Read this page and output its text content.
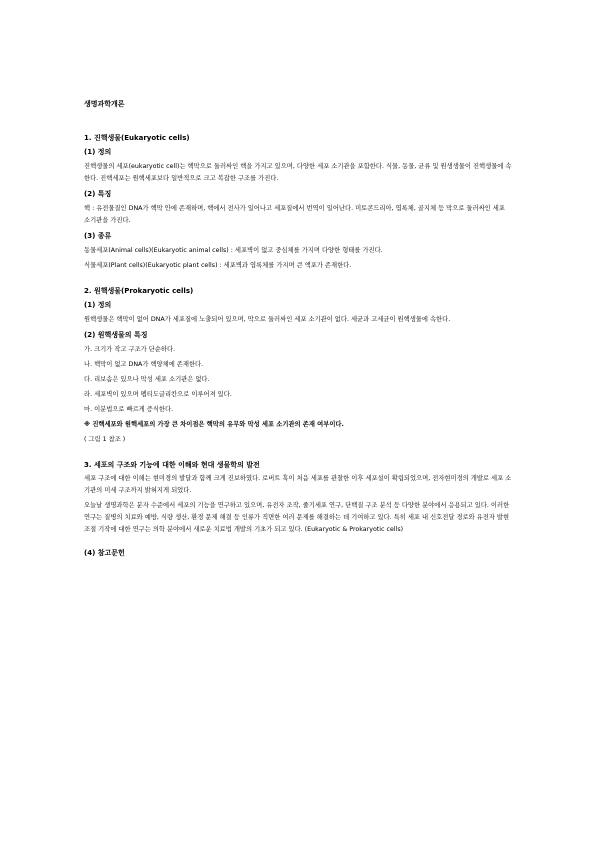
생명과학개론
1. 진핵생물(Eukaryotic cells)
(1) 정의
진핵생물의 세포(eukaryotic cell)는 핵막으로 둘러싸인 핵을 가지고 있으며, 다양한 세포 소기관을 포함한다. 식물, 동물, 균류 및 원생생물이 진핵생물에 속한다. 진핵세포는 원핵세포보다 일반적으로 크고 복잡한 구조를 가진다.
(2) 특징
핵 : 유전물질인 DNA가 핵막 안에 존재하며, 핵에서 전사가 일어나고 세포질에서 번역이 일어난다. 미토콘드리아, 엽록체, 골지체 등 막으로 둘러싸인 세포 소기관을 가진다.
(3) 종류
동물세포(Animal cells)(Eukaryotic animal cells) : 세포벽이 없고 중심체를 가지며 다양한 형태를 가진다.
식물세포(Plant cells)(Eukaryotic plant cells) : 세포벽과 엽록체를 가지며 큰 액포가 존재한다.
2. 원핵생물(Prokaryotic cells)
(1) 정의
원핵생물은 핵막이 없어 DNA가 세포질에 노출되어 있으며, 막으로 둘러싸인 세포 소기관이 없다. 세균과 고세균이 원핵생물에 속한다.
(2) 원핵생물의 특징
가. 크기가 작고 구조가 단순하다.
나. 핵막이 없고 DNA가 핵양체에 존재한다.
다. 리보솜은 있으나 막성 세포 소기관은 없다.
라. 세포벽이 있으며 펩티도글리칸으로 이루어져 있다.
마. 이분법으로 빠르게 증식한다.
※ 진핵세포와 원핵세포의 가장 큰 차이점은 핵막의 유무와 막성 세포 소기관의 존재 여부이다.
( 그림 1 참조 )
3. 세포의 구조와 기능에 대한 이해와 현대 생물학의 발전
세포 구조에 대한 이해는 현미경의 발달과 함께 크게 진보하였다. 로버트 훅이 처음 세포를 관찰한 이후 세포설이 확립되었으며, 전자현미경의 개발로 세포 소기관의 미세 구조까지 밝혀지게 되었다.
오늘날 생명과학은 분자 수준에서 세포의 기능을 연구하고 있으며, 유전자 조작, 줄기세포 연구, 단백질 구조 분석 등 다양한 분야에서 응용되고 있다. 이러한 연구는 질병의 치료와 예방, 식량 생산, 환경 문제 해결 등 인류가 직면한 여러 문제를 해결하는 데 기여하고 있다. 특히 세포 내 신호전달 경로와 유전자 발현 조절 기작에 대한 연구는 의학 분야에서 새로운 치료법 개발의 기초가 되고 있다. (Eukaryotic & Prokaryotic cells)
(4) 참고문헌
